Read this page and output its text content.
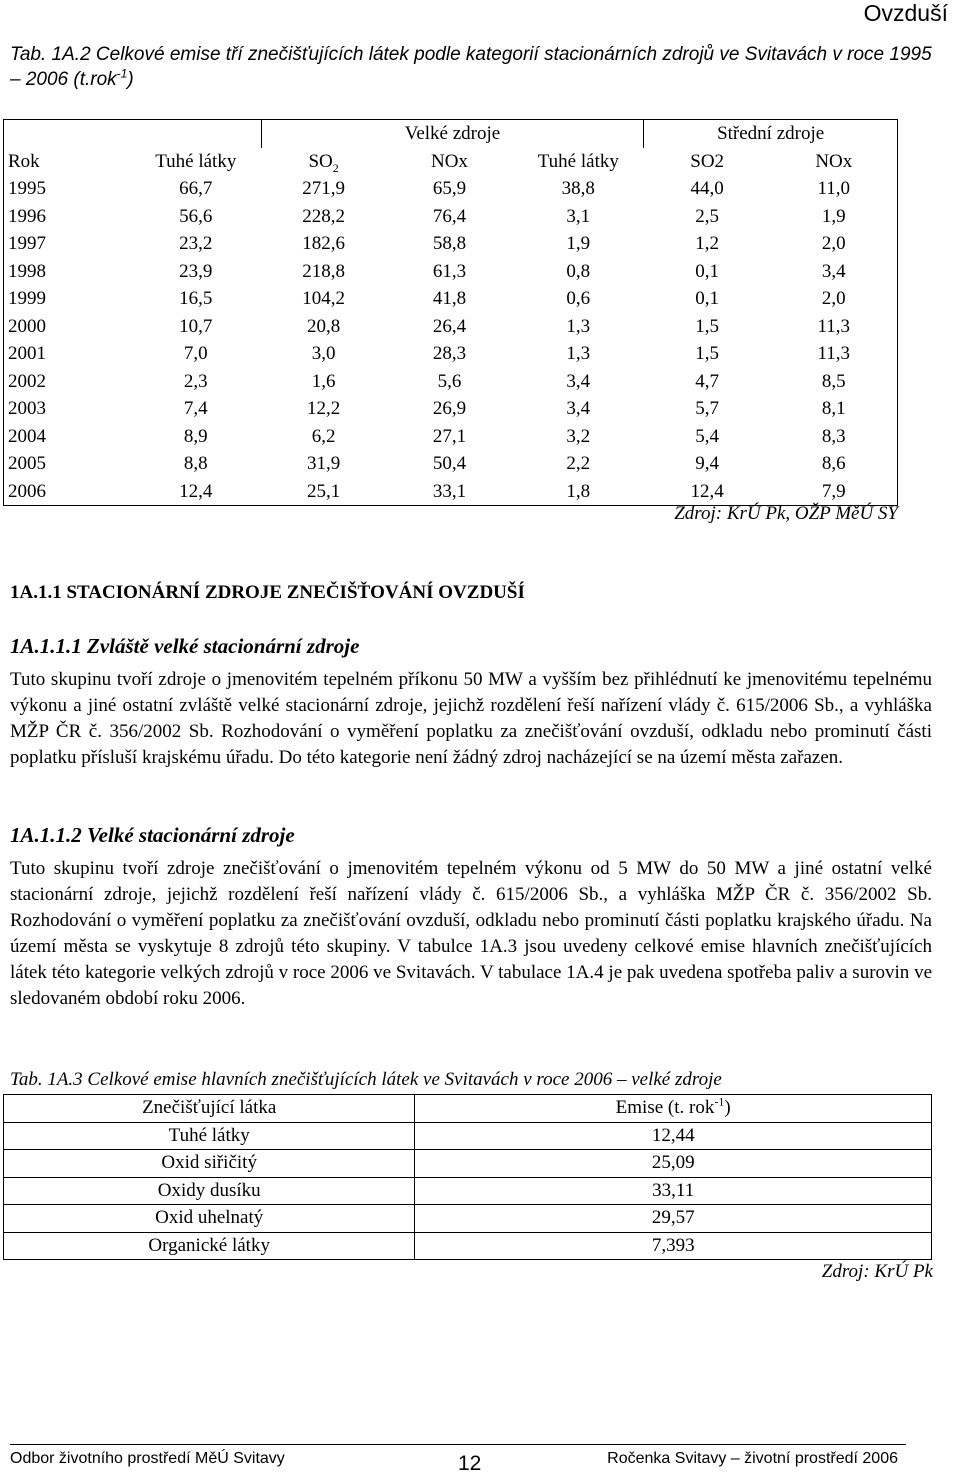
Ovzduší
Tab. 1A.2 Celkové emise tří znečišťujících látek podle kategorií stacionárních zdrojů ve Svitavách v roce 1995 – 2006 (t.rok$^{-1}$)
		Velké zdroje			Střední zdroje	
Rok	Tuhé látky	$SO_2$	NOx	Tuhé látky	SO2	NOx
1995	66,7	271,9	65,9	38,8	44,0	11,0
1996	56,6	228,2	76,4	3,1	2,5	1,9
1997	23,2	182,6	58,8	1,9	1,2	2,0
1998	23,9	218,8	61,3	0,8	0,1	3,4
1999	16,5	104,2	41,8	0,6	0,1	2,0
2000	10,7	20,8	26,4	1,3	1,5	11,3
2001	7,0	3,0	28,3	1,3	1,5	11,3
2002	2,3	1,6	5,6	3,4	4,7	8,5
2003	7,4	12,2	26,9	3,4	5,7	8,1
2004	8,9	6,2	27,1	3,2	5,4	8,3
2005	8,8	31,9	50,4	2,2	9,4	8,6
2006	12,4	25,1	33,1	1,8	12,4	7,9
Zdroj: KrÚ Pk, OŽP MěÚ SY
1A.1.1 STACIONÁRNÍ ZDROJE ZNEČIŠŤOVÁNÍ OVZDUŠÍ
1A.1.1.1 Zvláště velké stacionární zdroje
Tuto skupinu tvoří zdroje o jmenovitém tepelném příkonu 50 MW a vyšším bez přihlédnutí ke jmenovitému tepelnému výkonu a jiné ostatní zvláště velké stacionární zdroje, jejichž rozdělení řeší nařízení vlády č. 615/2006 Sb., a vyhláška MŽP ČR č. 356/2002 Sb. Rozhodování o vyměření poplatku za znečišťování ovzduší, odkladu nebo prominutí části poplatku přísluší krajskému úřadu. Do této kategorie není žádný zdroj nacházející se na území města zařazen.
1A.1.1.2 Velké stacionární zdroje
Tuto skupinu tvoří zdroje znečišťování o jmenovitém tepelném výkonu od 5 MW do 50 MW a jiné ostatní velké stacionární zdroje, jejichž rozdělení řeší nařízení vlády č. 615/2006 Sb., a vyhláška MŽP ČR č. 356/2002 Sb. Rozhodování o vyměření poplatku za znečišťování ovzduší, odkladu nebo prominutí části poplatku krajského úřadu. Na území města se vyskytuje 8 zdrojů této skupiny. V tabulce 1A.3 jsou uvedeny celkové emise hlavních znečišťujících látek této kategorie velkých zdrojů v roce 2006 ve Svitavách. V tabulace 1A.4 je pak uvedena spotřeba paliv a surovin ve sledovaném období roku 2006.
Tab. 1A.3 Celkové emise hlavních znečišťujících látek ve Svitavách v roce 2006 – velké zdroje
Znečišťující látka	Emise (t. rok$^{-1}$)
Tuhé látky	12,44
Oxid siřičitý	25,09
Oxidy dusíku	33,11
Oxid uhelnatý	29,57
Organické látky	7,393
Zdroj: KrÚ Pk
Odbor životního prostředí MěÚ Svitavy	12	Ročenka Svitavy – životní prostředí 2006
